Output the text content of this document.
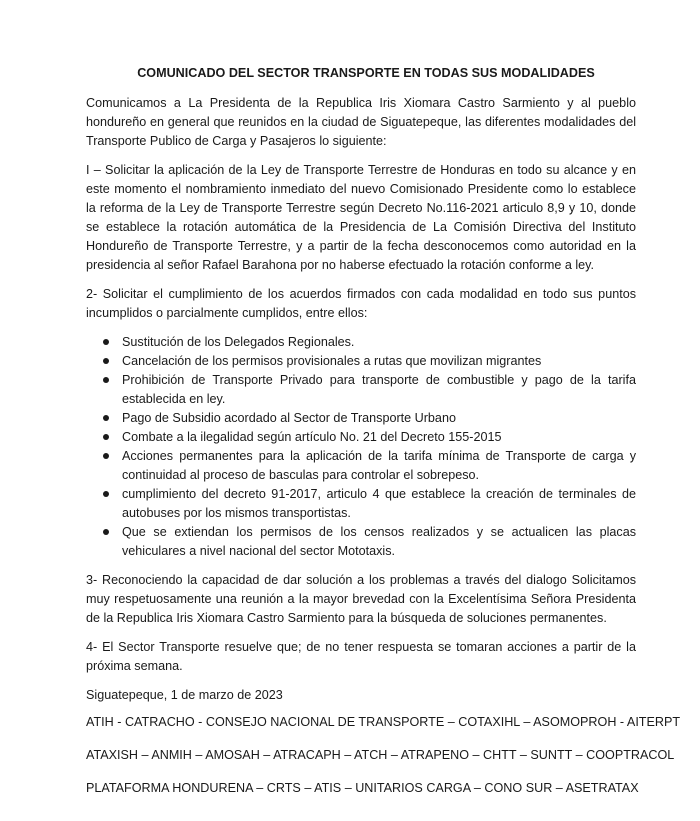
COMUNICADO DEL SECTOR TRANSPORTE EN TODAS SUS MODALIDADES

Comunicamos a La Presidenta de la Republica Iris Xiomara Castro Sarmiento y al pueblo hondureño en general que reunidos en la ciudad de Siguatepeque, las diferentes modalidades del Transporte Publico de Carga y Pasajeros lo siguiente:

I – Solicitar la aplicación de la Ley de Transporte Terrestre de Honduras en todo su alcance y en este momento el nombramiento inmediato del nuevo Comisionado Presidente como lo establece la reforma de la Ley de Transporte Terrestre según Decreto No.116-2021 articulo 8,9 y 10, donde se establece la rotación automática de la Presidencia de La Comisión Directiva del Instituto Hondureño de Transporte Terrestre, y a partir de la fecha desconocemos como autoridad en la presidencia al señor Rafael Barahona por no haberse efectuado la rotación conforme a ley.

2- Solicitar el cumplimiento de los acuerdos firmados con cada modalidad en todo sus puntos incumplidos o parcialmente cumplidos, entre ellos:

Sustitución de los Delegados Regionales.
Cancelación de los permisos provisionales a rutas que movilizan migrantes
Prohibición de Transporte Privado para transporte de combustible y pago de la tarifa establecida en ley.
Pago de Subsidio acordado al Sector de Transporte Urbano
Combate a la ilegalidad según artículo No. 21 del Decreto 155-2015
Acciones permanentes para la aplicación de la tarifa mínima de Transporte de carga y continuidad al proceso de basculas para controlar el sobrepeso.
cumplimiento del decreto 91-2017, articulo 4 que establece la creación de terminales de autobuses por los mismos transportistas.
Que se extiendan los permisos de los censos realizados y se actualicen las placas vehiculares a nivel nacional del sector Mototaxis.

3- Reconociendo la capacidad de dar solución a los problemas a través del dialogo Solicitamos muy respetuosamente una reunión a la mayor brevedad con la Excelentísima Señora Presidenta de la Republica Iris Xiomara Castro Sarmiento para la búsqueda de soluciones permanentes.

4- El Sector Transporte resuelve que; de no tener respuesta se tomaran acciones a partir de la próxima semana.

Siguatepeque, 1 de marzo de 2023

ATIH - CATRACHO - CONSEJO NACIONAL DE TRANSPORTE – COTAXIHL – ASOMOPROH - AITERPT

ATAXISH – ANMIH – AMOSAH – ATRACAPH – ATCH – ATRAPENO – CHTT – SUNTT – COOPTRACOL

PLATAFORMA HONDURENA – CRTS – ATIS – UNITARIOS CARGA – CONO SUR – ASETRATAX
